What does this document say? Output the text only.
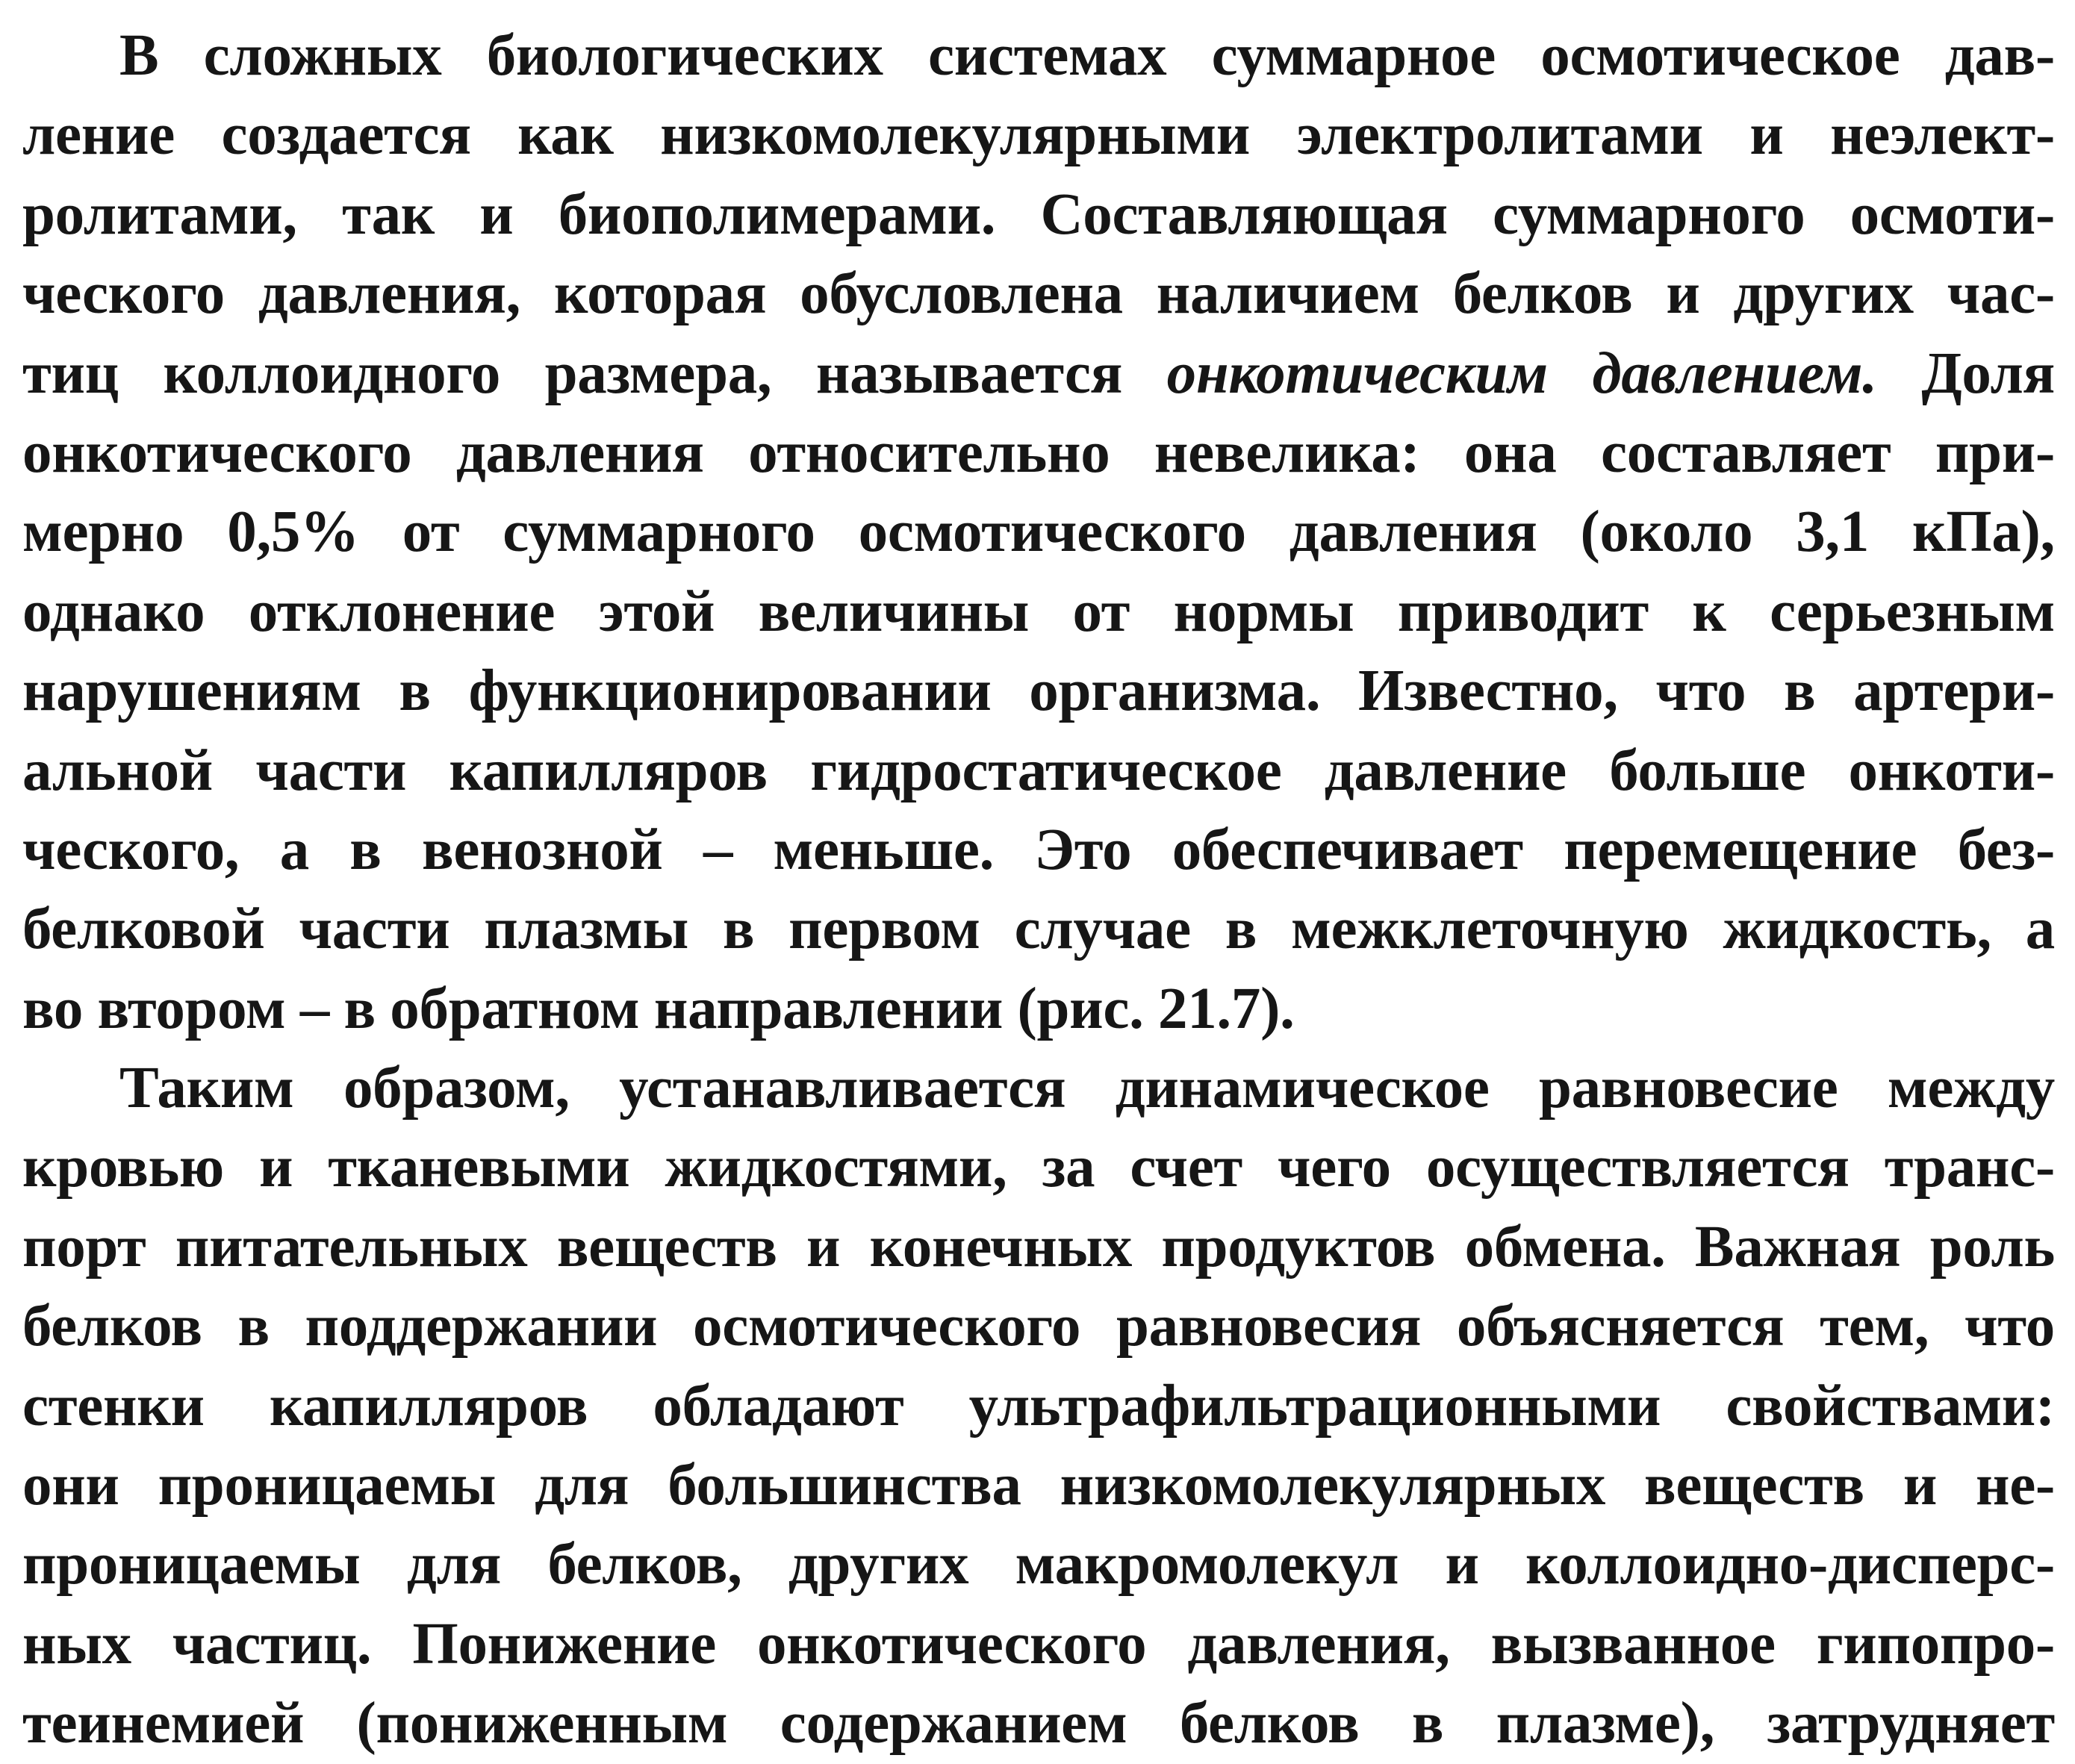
В сложных биологических системах суммарное осмотическое дав-
ление создается как низкомолекулярными электролитами и неэлект-
ролитами, так и биополимерами. Составляющая суммарного осмоти-
ческого давления, которая обусловлена наличием белков и других час-
тиц коллоидного размера, называется онкотическим давлением. Доля
онкотического давления относительно невелика: она составляет при-
мерно 0,5% от суммарного осмотического давления (около 3,1 кПа),
однако отклонение этой величины от нормы приводит к серьезным
нарушениям в функционировании организма. Известно, что в артери-
альной части капилляров гидростатическое давление больше онкоти-
ческого, а в венозной – меньше. Это обеспечивает перемещение без-
белковой части плазмы в первом случае в межклеточную жидкость, а
во втором – в обратном направлении (рис. 21.7).
Таким образом, устанавливается динамическое равновесие между
кровью и тканевыми жидкостями, за счет чего осуществляется транс-
порт питательных веществ и конечных продуктов обмена. Важная роль
белков в поддержании осмотического равновесия объясняется тем, что
стенки капилляров обладают ультрафильтрационными свойствами:
они проницаемы для большинства низкомолекулярных веществ и не-
проницаемы для белков, других макромолекул и коллоидно-дисперс-
ных частиц. Понижение онкотического давления, вызванное гипопро-
теинемией (пониженным содержанием белков в плазме), затрудняет
